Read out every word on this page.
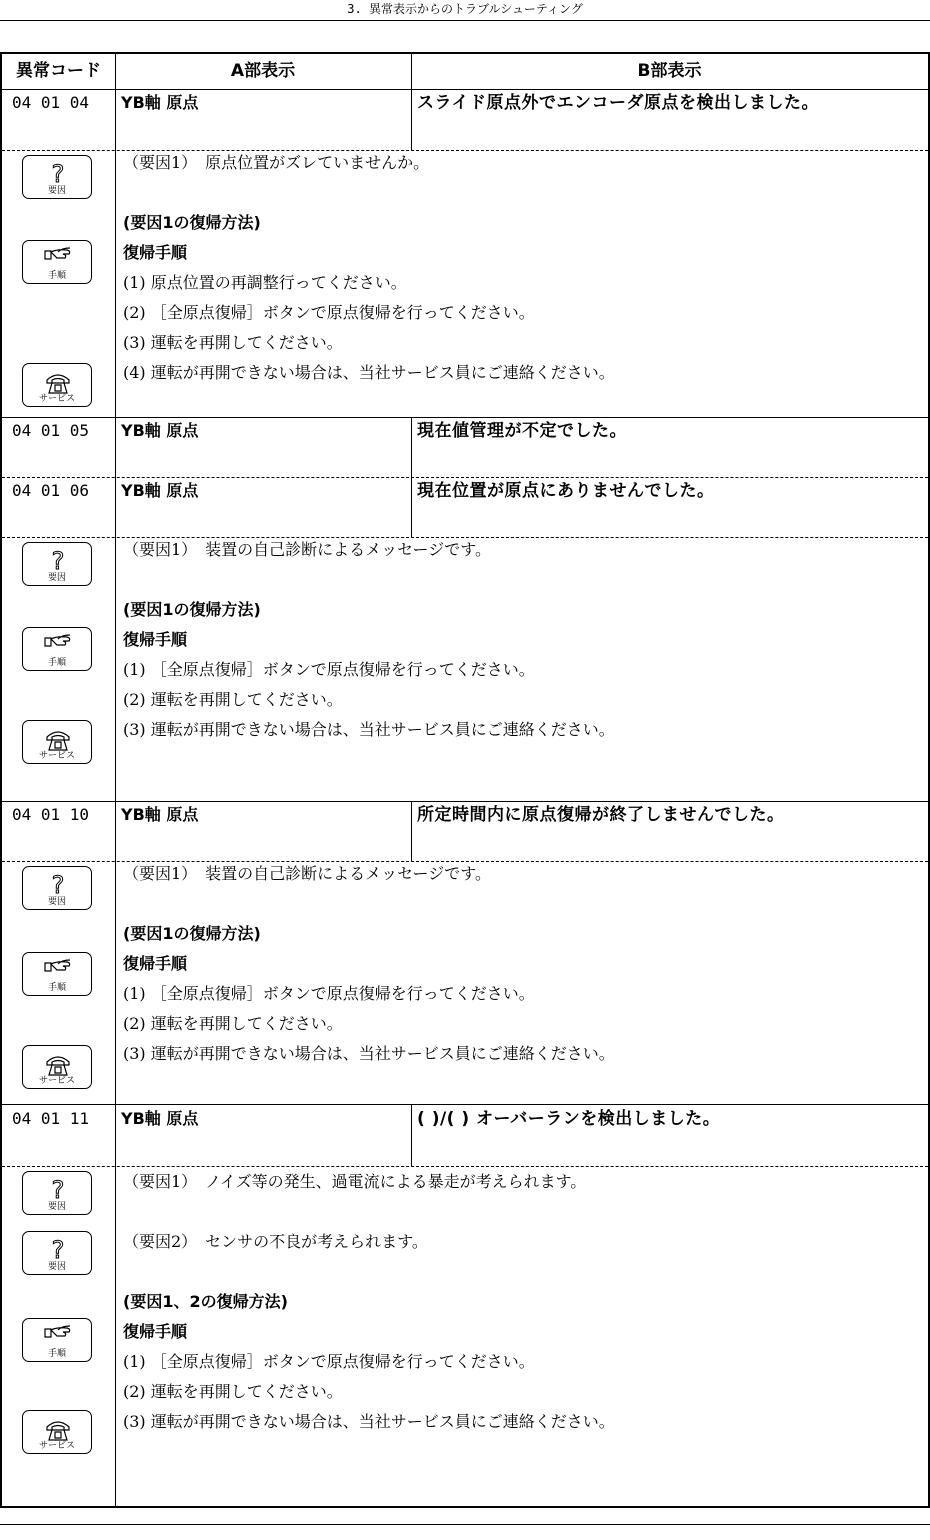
3. 異常表示からのトラブルシューティング
異常コード	A部表示	B部表示
04 01 04 YB軸 原点	スライド原点外でエンコーダ原点を検出しました。
?
要因
（要因1）　原点位置がズレていませんか。
(要因1の復帰方法)
復帰手順
(1) 原点位置の再調整行ってください。
(2) ［全原点復帰］ボタンで原点復帰を行ってください。
(3) 運転を再開してください。
(4) 運転が再開できない場合は、当社サービス員にご連絡ください。
手順
サービス
04 01 05 YB軸 原点	現在値管理が不定でした。
04 01 06 YB軸 原点	現在位置が原点にありませんでした。
?
要因
（要因1）　装置の自己診断によるメッセージです。
(要因1の復帰方法)
復帰手順
(1) ［全原点復帰］ボタンで原点復帰を行ってください。
(2) 運転を再開してください。
(3) 運転が再開できない場合は、当社サービス員にご連絡ください。
手順
サービス
04 01 10 YB軸 原点	所定時間内に原点復帰が終了しませんでした。
?
要因
（要因1）　装置の自己診断によるメッセージです。
(要因1の復帰方法)
復帰手順
(1) ［全原点復帰］ボタンで原点復帰を行ってください。
(2) 運転を再開してください。
(3) 運転が再開できない場合は、当社サービス員にご連絡ください。
手順
サービス
04 01 11 YB軸 原点	( )/( ) オーバーランを検出しました。
?
要因
?
要因
（要因1）　ノイズ等の発生、過電流による暴走が考えられます。
（要因2）　センサの不良が考えられます。
(要因1、2の復帰方法)
復帰手順
(1) ［全原点復帰］ボタンで原点復帰を行ってください。
(2) 運転を再開してください。
(3) 運転が再開できない場合は、当社サービス員にご連絡ください。
手順
サービス
